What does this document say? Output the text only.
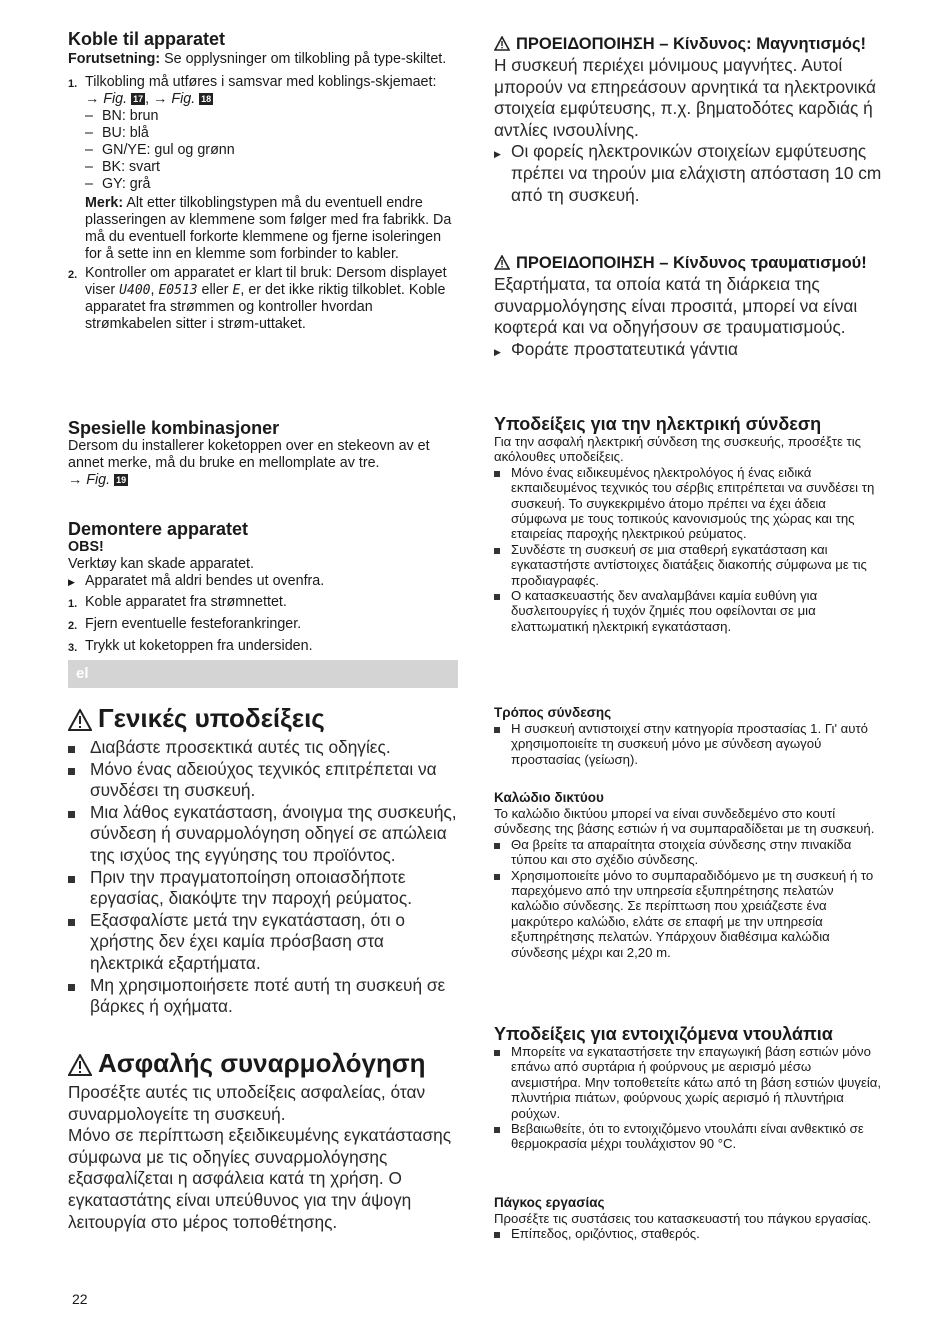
Koble til apparatet

Forutsetning: Se opplysninger om tilkobling på type-skiltet.

1. Tilkobling må utføres i samsvar med koblings-skjemaet:

→ Fig. 17 , → Fig. 18

– BN: brun
– BU: blå
– GN/YE: gul og grønn
– BK: svart
– GY: grå

Merk: Alt etter tilkoblingstypen må du eventuell endre plasseringen av klemmene som følger med fra fabrikk. Da må du eventuell forkorte klemmene og fjerne isoleringen for å sette inn en klemme som forbinder to kabler.

2. Kontroller om apparatet er klart til bruk: Dersom displayet viser U400, E0513 eller E, er det ikke riktig tilkoblet. Koble apparatet fra strømmen og kontroller hvordan strømkabelen sitter i strøm-uttaket.

Spesielle kombinasjoner

Dersom du installerer koketoppen over en stekeovn av et annet merke, må du bruke en mellomplate av tre.

→ Fig. 19

Demontere apparatet

OBS!

Verktøy kan skade apparatet.

▶ Apparatet må aldri bendes ut ovenfra.
1. Koble apparatet fra strømnettet.
2. Fjern eventuelle festeforankringer.
3. Trykk ut koketoppen fra undersiden.
Γενικές υποδείξεις
Διαβάστε προσεκτικά αυτές τις οδηγίες.
Μόνο ένας αδειούχος τεχνικός επιτρέπεται να συνδέσει τη συσκευή.
Μια λάθος εγκατάσταση, άνοιγμα της συσκευής, σύνδεση ή συναρμολόγηση οδηγεί σε απώλεια της ισχύος της εγγύησης του προϊόντος.
Πριν την πραγματοποίηση οποιασδήποτε εργασίας, διακόψτε την παροχή ρεύματος.
Εξασφαλίστε μετά την εγκατάσταση, ότι ο χρήστης δεν έχει καμία πρόσβαση στα ηλεκτρικά εξαρτήματα.
Μη χρησιμοποιήσετε ποτέ αυτή τη συσκευή σε βάρκες ή οχήματα.
Ασφαλής συναρμολόγηση

Προσέξτε αυτές τις υποδείξεις ασφαλείας, όταν συναρμολογείτε τη συσκευή.

Μόνο σε περίπτωση εξειδικευμένης εγκατάστασης σύμφωνα με τις οδηγίες συναρμολόγησης εξασφαλίζεται η ασφάλεια κατά τη χρήση. Ο εγκαταστάτης είναι υπεύθυνος για την άψογη λειτουργία στο μέρος τοποθέτησης.

el
ΠΡΟΕΙΔΟΠΟΙΗΣΗ – Κίνδυνος: Μαγνητισμός!

Η συσκευή περιέχει μόνιμους μαγνήτες. Αυτοί μπορούν να επηρεάσουν αρνητικά τα ηλεκτρονικά στοιχεία εμφύτευσης, π.χ. βηματοδότες καρδιάς ή αντλίες ινσουλίνης.

▶ Οι φορείς ηλεκτρονικών στοιχείων εμφύτευσης πρέπει να τηρούν μια ελάχιστη απόσταση 10 cm από τη συσκευή.
ΠΡΟΕΙΔΟΠΟΙΗΣΗ – Κίνδυνος τραυματισμού!

Εξαρτήματα, τα οποία κατά τη διάρκεια της συναρμολόγησης είναι προσιτά, μπορεί να είναι κοφτερά και να οδηγήσουν σε τραυματισμούς.

▶ Φοράτε προστατευτικά γάντια
Υποδείξεις για την ηλεκτρική σύνδεση

Για την ασφαλή ηλεκτρική σύνδεση της συσκευής, προσέξτε τις ακόλουθες υποδείξεις.

Μόνο ένας ειδικευμένος ηλεκτρολόγος ή ένας ειδικά εκπαιδευμένος τεχνικός του σέρβις επιτρέπεται να συνδέσει τη συσκευή. Το συγκεκριμένο άτομο πρέπει να έχει άδεια σύμφωνα με τους τοπικούς κανονισμούς της χώρας και της εταιρείας παροχής ηλεκτρικού ρεύματος.
Συνδέστε τη συσκευή σε μια σταθερή εγκατάσταση και εγκαταστήστε αντίστοιχες διατάξεις διακοπής σύμφωνα με τις προδιαγραφές.
Ο κατασκευαστής δεν αναλαμβάνει καμία ευθύνη για δυσλειτουργίες ή τυχόν ζημιές που οφείλονται σε μια ελαττωματική ηλεκτρική εγκατάσταση.
Τρόπος σύνδεσης
Η συσκευή αντιστοιχεί στην κατηγορία προστασίας 1. Γι' αυτό χρησιμοποιείτε τη συσκευή μόνο με σύνδεση αγωγού προστασίας (γείωση).
Καλώδιο δικτύου

Το καλώδιο δικτύου μπορεί να είναι συνδεδεμένο στο κουτί σύνδεσης της βάσης εστιών ή να συμπαραδίδεται με τη συσκευή.

Θα βρείτε τα απαραίτητα στοιχεία σύνδεσης στην πινακίδα τύπου και στο σχέδιο σύνδεσης.
Χρησιμοποιείτε μόνο το συμπαραδιδόμενο με τη συσκευή ή το παρεχόμενο από την υπηρεσία εξυπηρέτησης πελατών καλώδιο σύνδεσης. Σε περίπτωση που χρειάζεστε ένα μακρύτερο καλώδιο, ελάτε σε επαφή με την υπηρεσία εξυπηρέτησης πελατών. Υπάρχουν διαθέσιμα καλώδια σύνδεσης μέχρι και 2,20 m.
Υποδείξεις για εντοιχιζόμενα ντουλάπια
Μπορείτε να εγκαταστήσετε την επαγωγική βάση εστιών μόνο επάνω από συρτάρια ή φούρνους με αερισμό μέσω ανεμιστήρα. Μην τοποθετείτε κάτω από τη βάση εστιών ψυγεία, πλυντήρια πιάτων, φούρνους χωρίς αερισμό ή πλυντήρια ρούχων.
Βεβαιωθείτε, ότι το εντοιχιζόμενο ντουλάπι είναι ανθεκτικό σε θερμοκρασία μέχρι τουλάχιστον 90 °C.
Πάγκος εργασίας

Προσέξτε τις συστάσεις του κατασκευαστή του πάγκου εργασίας.

Επίπεδος, οριζόντιος, σταθερός.
22
